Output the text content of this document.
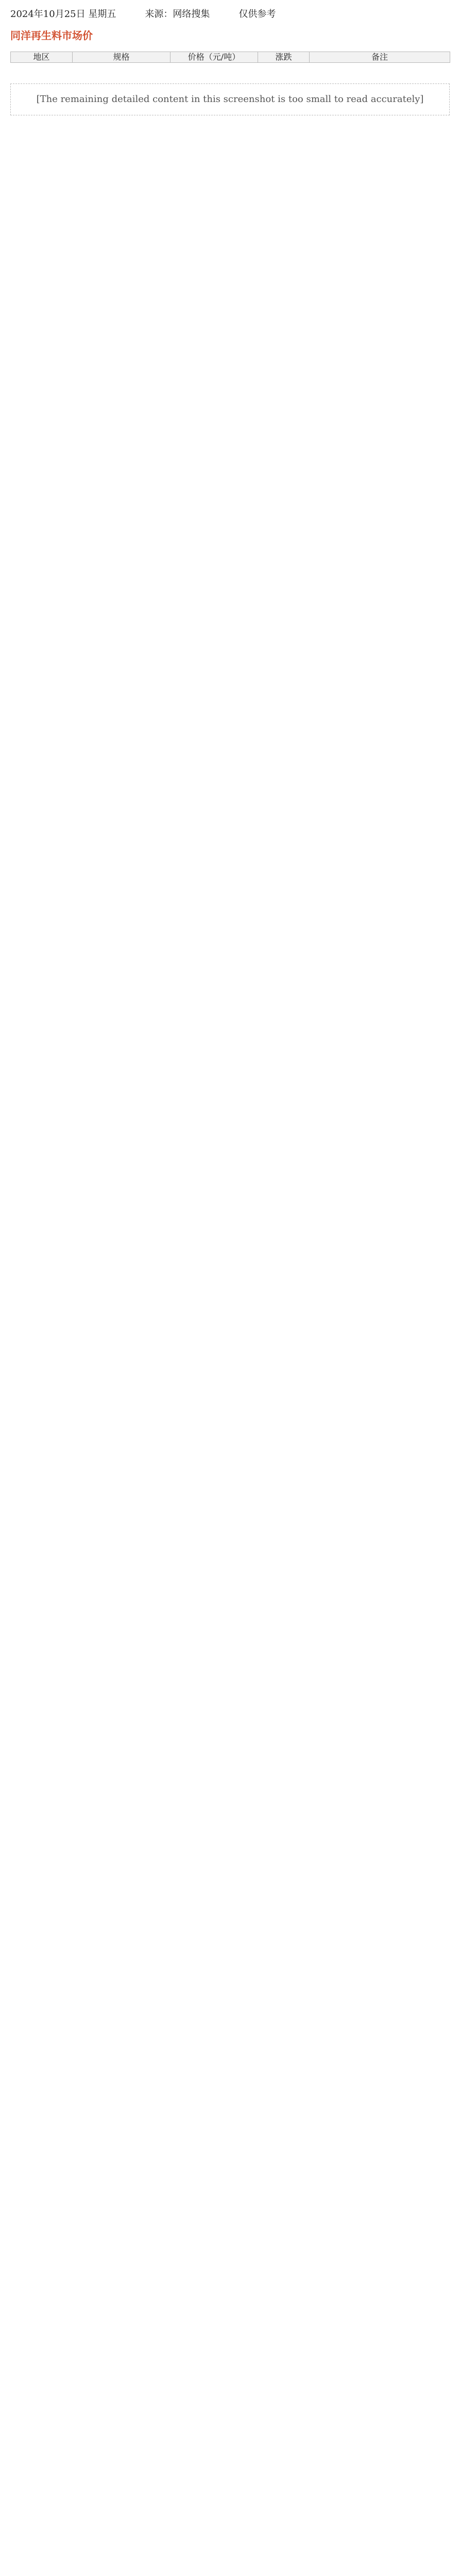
2024年10月25日 星期五	来源：网络搜集	仅供参考
同洋再生料市场价
地区	规格	价格（元/吨）	涨跌	备注
[The remaining detailed content in this screenshot is too small to read accurately]
